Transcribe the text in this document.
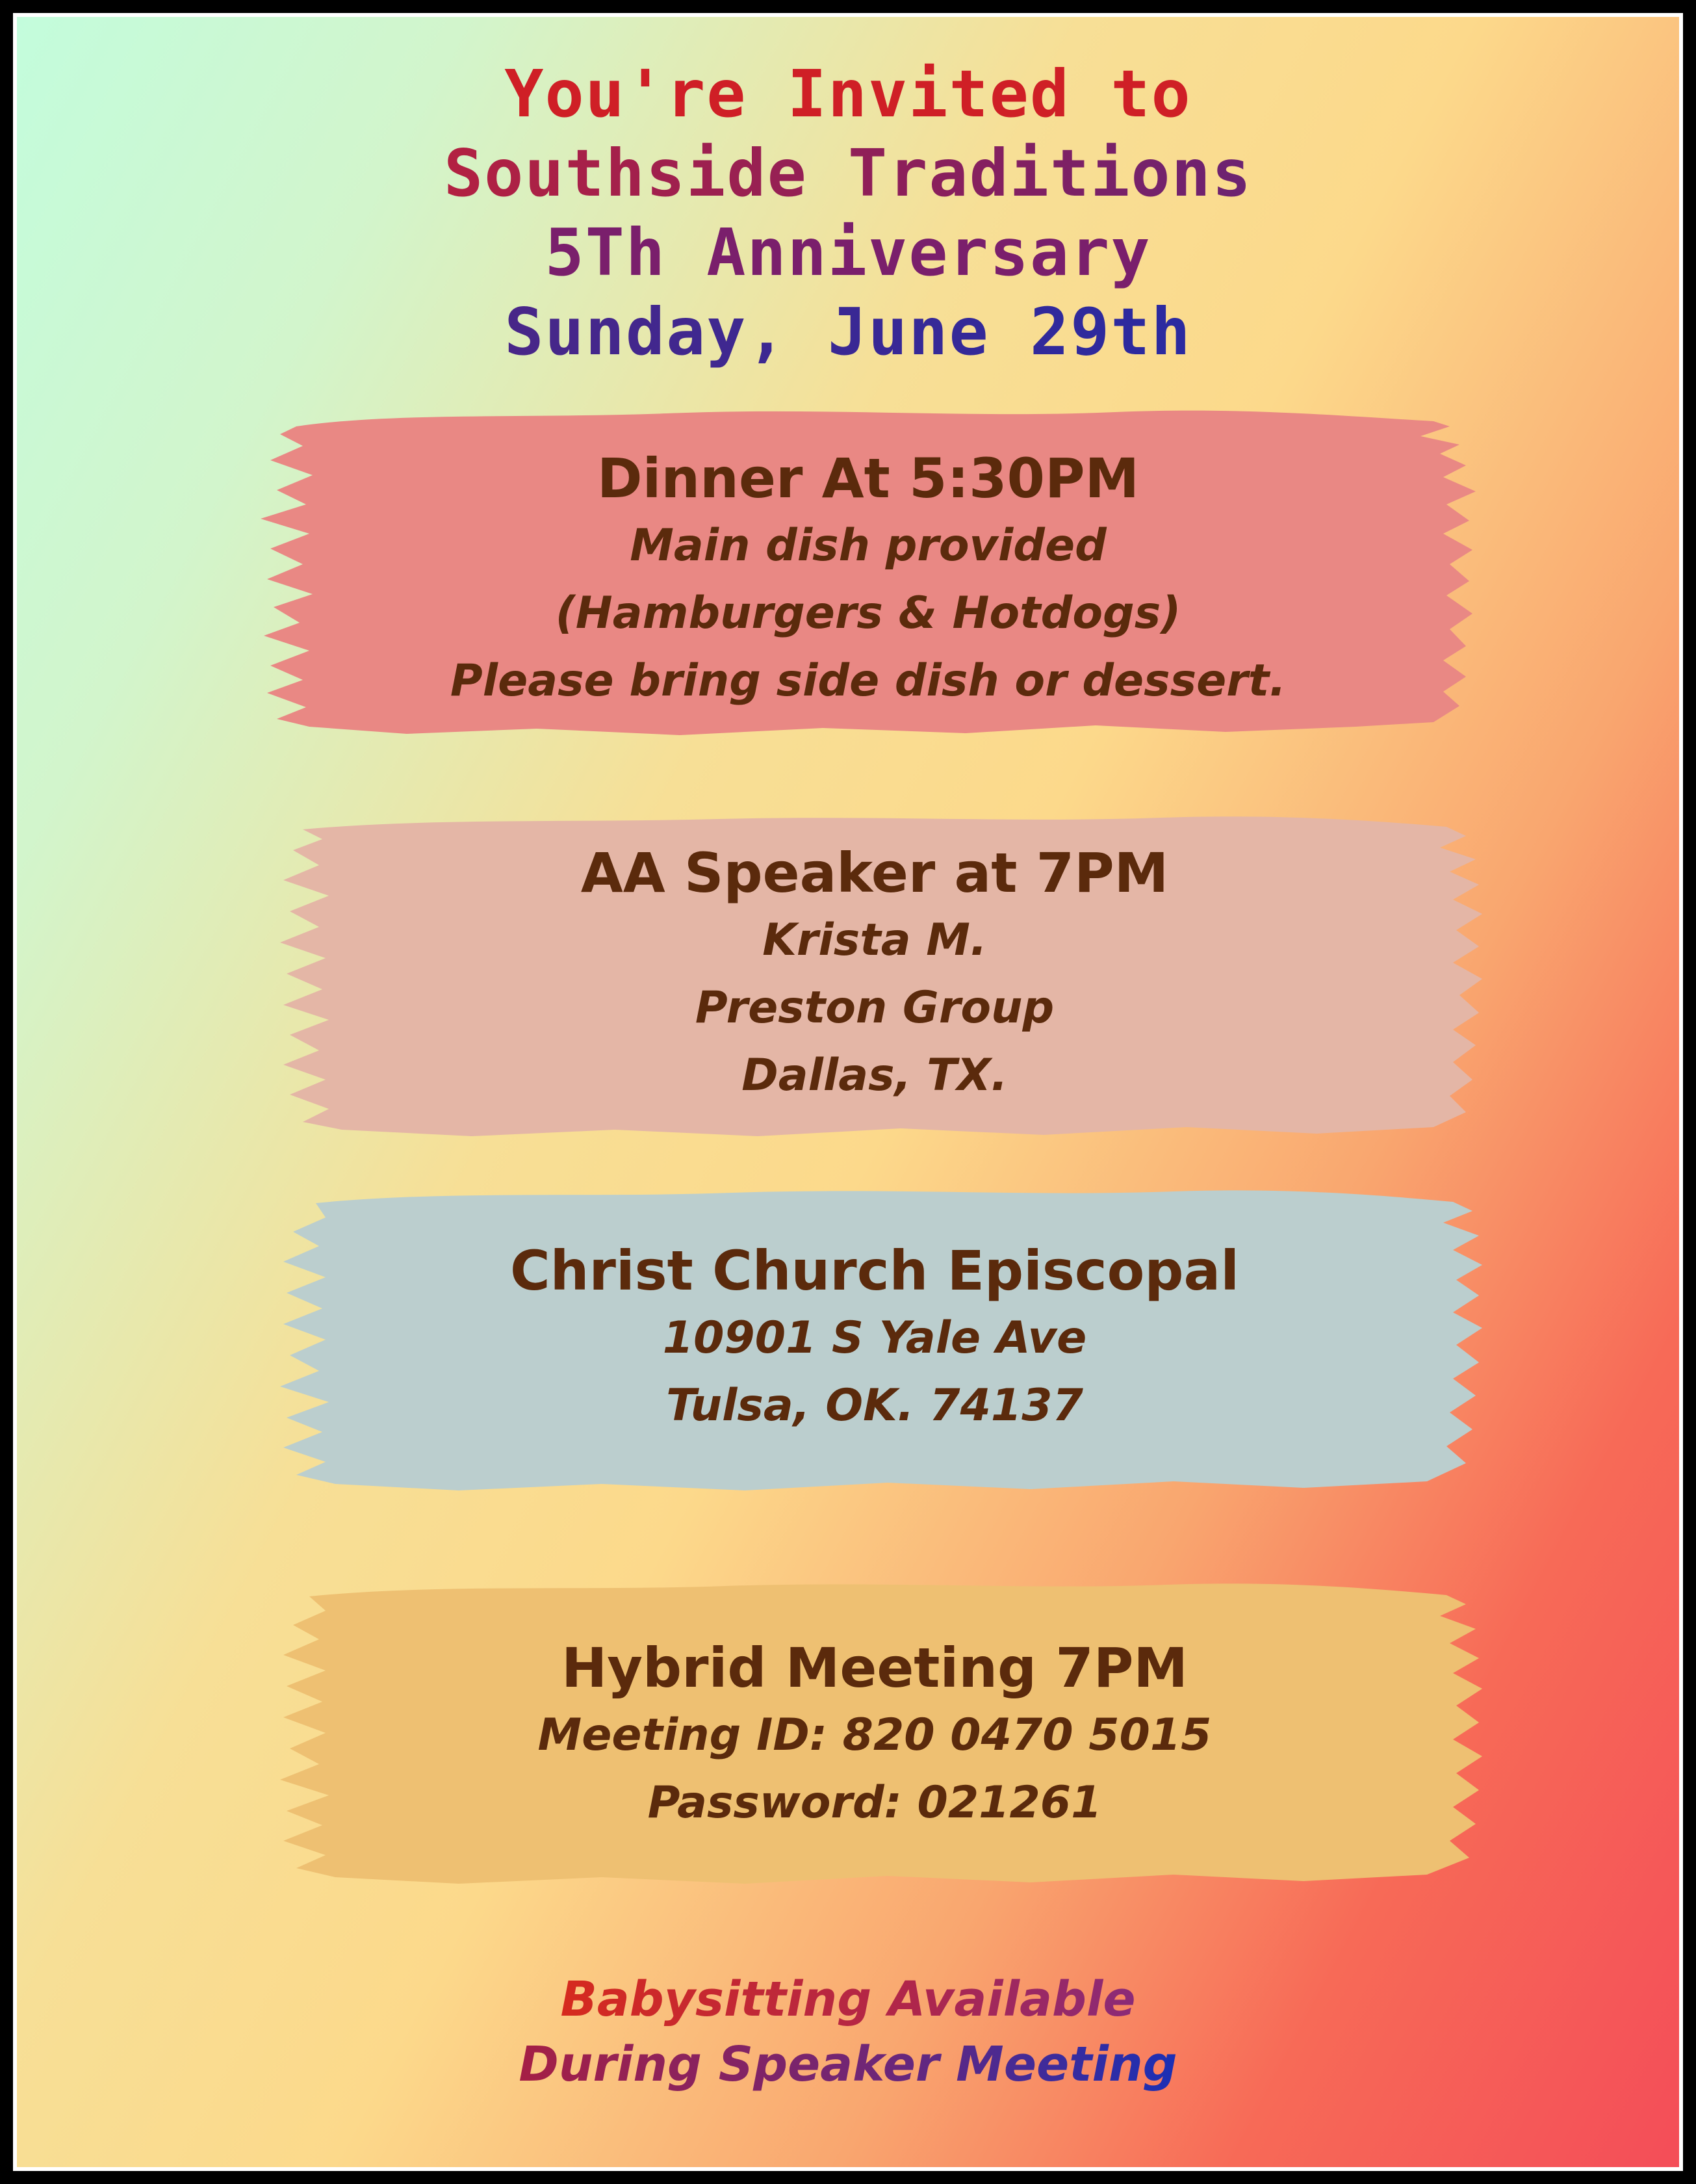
You're Invited to
Southside Traditions
5Th Anniversary
Sunday, June 29th
Dinner At 5:30PM
Main dish provided
(Hamburgers & Hotdogs)
Please bring side dish or dessert.
AA Speaker at 7PM
Krista M.
Preston Group
Dallas, TX.
Christ Church Episcopal
10901 S Yale Ave
Tulsa, OK. 74137
Hybrid Meeting 7PM
Meeting ID: 820 0470 5015
Password: 021261
Babysitting Available
During Speaker Meeting
